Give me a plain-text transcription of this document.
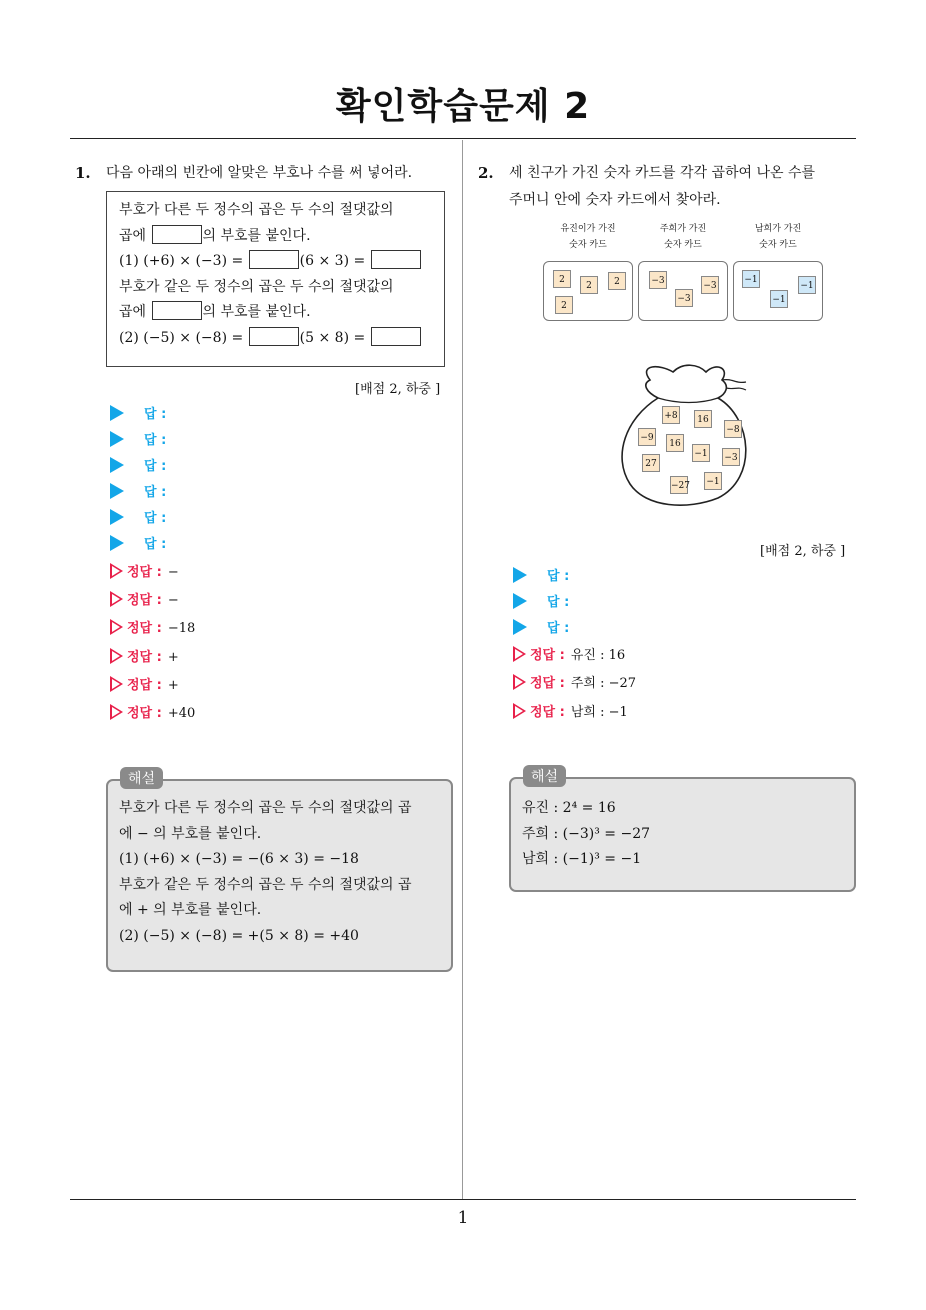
확인학습문제 2
1. 다음 아래의 빈칸에 알맞은 부호나 수를 써 넣어라.
부호가 다른 두 정수의 곱은 두 수의 절댓값의
곱에	의 부호를 붙인다.
(1) (+6) × (−3) =	(6 × 3) =
부호가 같은 두 정수의 곱은 두 수의 절댓값의
곱에	의 부호를 붙인다.
(2) (−5) × (−8) =	(5 × 8) =
[배점 2, 하중 ]
답 :
답 :
답 :
답 :
답 :
답 :
정답 : −
정답 : −
정답 : −18
정답 : +
정답 : +
정답 : +40
부호가 다른 두 정수의 곱은 두 수의 절댓값의 곱
에 − 의 부호를 붙인다.
(1) (+6) × (−3) = −(6 × 3) = −18
부호가 같은 두 정수의 곱은 두 수의 절댓값의 곱
에 + 의 부호를 붙인다.
(2) (−5) × (−8) = +(5 × 8) = +40
해설
2. 세 친구가 가진 숫자 카드를 각각 곱하여 나온 수를
주머니 안에 숫자 카드에서 찾아라.
유진이가 가진
숫자 카드
주희가 가진
숫자 카드
남희가 가진
숫자 카드
2
2	2
2
−3	−3
−3
−1
−1
−1
+8	16
−9
16
−8
27
−1 −3
−27 −1
[배점 2, 하중 ]
답 :
답 :
답 :
정답 : 유진 : 16
정답 : 주희 : −27
정답 : 남희 : −1
유진 : 2⁴ = 16
주희 : (−3)³ = −27
남희 : (−1)³ = −1
해설
1
